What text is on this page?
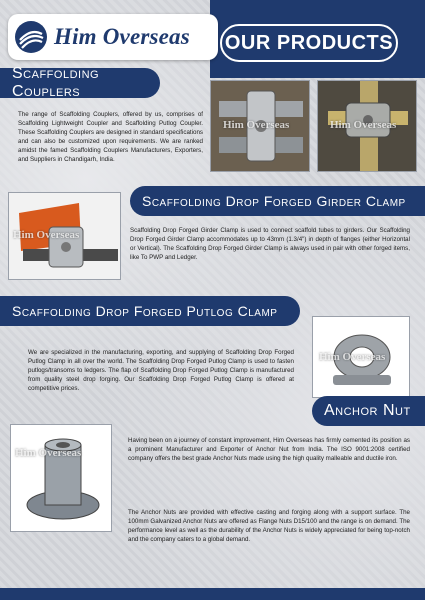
Him Overseas OUR PRODUCTS
Scaffolding Couplers

The range of Scaffolding Couplers, offered by us, comprises of Scaffolding Lightweight Coupler and Scaffolding Putlog Coupler. These Scaffolding Couplers are designed in standard specifications and can also be customized upon requirements. We are ranked amidst the famed Scaffolding Couplers Manufacturers, Exporters, and Suppliers in Chandigarh, India.

Him Overseas	Him Overseas
Him Overseas
Scaffolding Drop Forged Girder Clamp

Scaffolding Drop Forged Girder Clamp is used to connect scaffold tubes to girders. Our Scaffolding Drop Forged Girder Clamp accommodates up to 43mm (1.3/4") in depth of flanges (either Horizontal or Vertical). The Scaffolding Drop Forged Girder Clamp is always used in pair with other forged items, like To PWP and Ledger.

Scaffolding Drop Forged Putlog Clamp

We are specialized in the manufacturing, exporting, and supplying of Scaffolding Drop Forged Putlog Clamp in all over the world. The Scaffolding Drop Forged Putlog Clamp is used to fasten putlogs/transoms to ledgers. The flap of Scaffolding Drop Forged Putlog Clamp is manufactured from quality steel drop forging. Our Scaffolding Drop Forged Putlog Clamp is offered at competitive prices.

Him Overseas
Him Overseas
Anchor Nut

Having been on a journey of constant improvement, Him Overseas has firmly cemented its position as a prominent Manufacturer and Exporter of Anchor Nut from India. The ISO 9001:2008 certified company offers the best grade Anchor Nuts made using the high quality malleable and ductile iron.

The Anchor Nuts are provided with effective casting and forging along with a support surface. The 100mm Galvanized Anchor Nuts are offered as Flange Nuts D15/100 and the range is on demand. The performance level as well as the durability of the Anchor Nuts is widely appreciated for being top-notch and the company caters to a global demand.
